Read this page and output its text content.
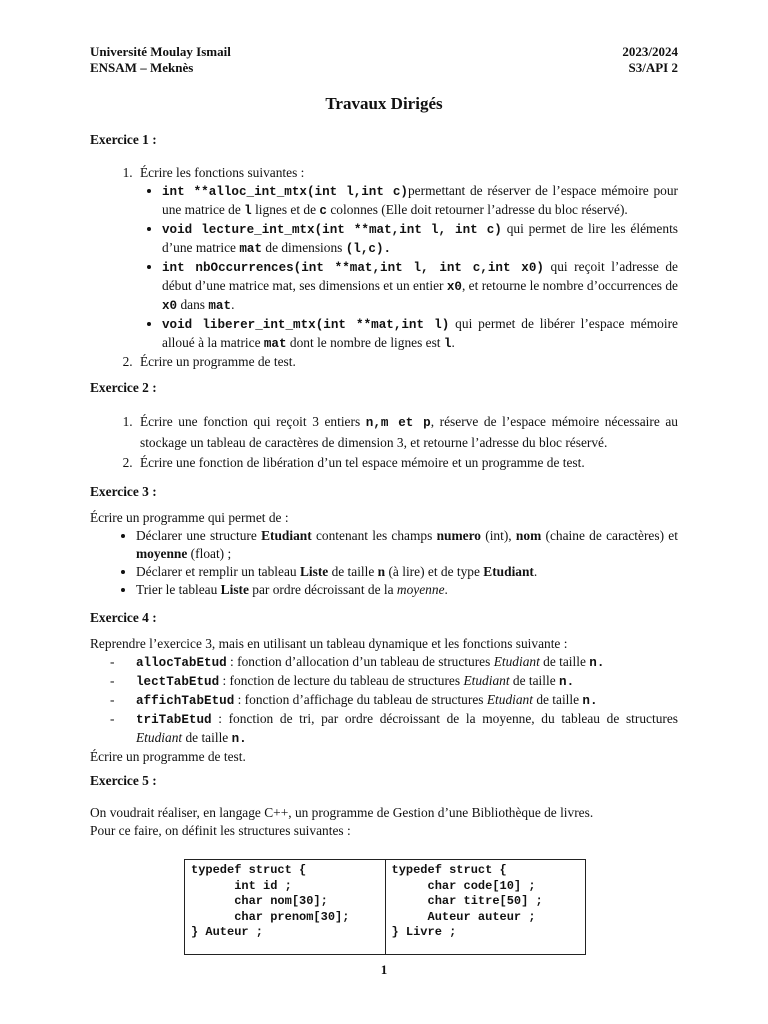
Université Moulay Ismail
ENSAM – Meknès
2023/2024
S3/API 2
Travaux Dirigés
Exercice 1 :
1. Écrire les fonctions suivantes :
• int **alloc_int_mtx(int l,int c)permettant de réserver de l’espace mémoire pour une matrice de l lignes et de c colonnes (Elle doit retourner l’adresse du bloc réservé).
• void lecture_int_mtx(int **mat,int l, int c) qui permet de lire les éléments d’une matrice mat de dimensions (l,c).
• int nbOccurrences(int **mat,int l, int c,int x0) qui reçoit l’adresse de début d’une matrice mat, ses dimensions et un entier x0, et retourne le nombre d’occurrences de x0 dans mat.
• void liberer_int_mtx(int **mat,int l) qui permet de libérer l’espace mémoire alloué à la matrice mat dont le nombre de lignes est l.
2. Écrire un programme de test.
Exercice 2 :
1. Écrire une fonction qui reçoit 3 entiers n,m et p, réserve de l’espace mémoire nécessaire au stockage un tableau de caractères de dimension 3, et retourne l’adresse du bloc réservé.
2. Écrire une fonction de libération d’un tel espace mémoire et un programme de test.
Exercice 3 :

Écrire un programme qui permet de :

• Déclarer une structure Etudiant contenant les champs numero (int), nom (chaine de caractères) et moyenne (float) ;
• Déclarer et remplir un tableau Liste de taille n (à lire) et de type Etudiant.
• Trier le tableau Liste par ordre décroissant de la moyenne.
Exercice 4 :

Reprendre l’exercice 3, mais en utilisant un tableau dynamique et les fonctions suivante :

- allocTabEtud : fonction d’allocation d’un tableau de structures Etudiant de taille n.
- lectTabEtud : fonction de lecture du tableau de structures Etudiant de taille n.
- affichTabEtud : fonction d’affichage du tableau de structures Etudiant de taille n.
- triTabEtud : fonction de tri, par ordre décroissant de la moyenne, du tableau de structures Etudiant de taille n.

Écrire un programme de test.

Exercice 5 :

On voudrait réaliser, en langage C++, un programme de Gestion d’une Bibliothèque de livres.

Pour ce faire, on définit les structures suivantes :

typedef struct {
int id ;
char nom[30];
char prenom[30];
} Auteur ;
typedef struct {
char code[10] ;
char titre[50] ;
Auteur auteur ;
} Livre ;
1
